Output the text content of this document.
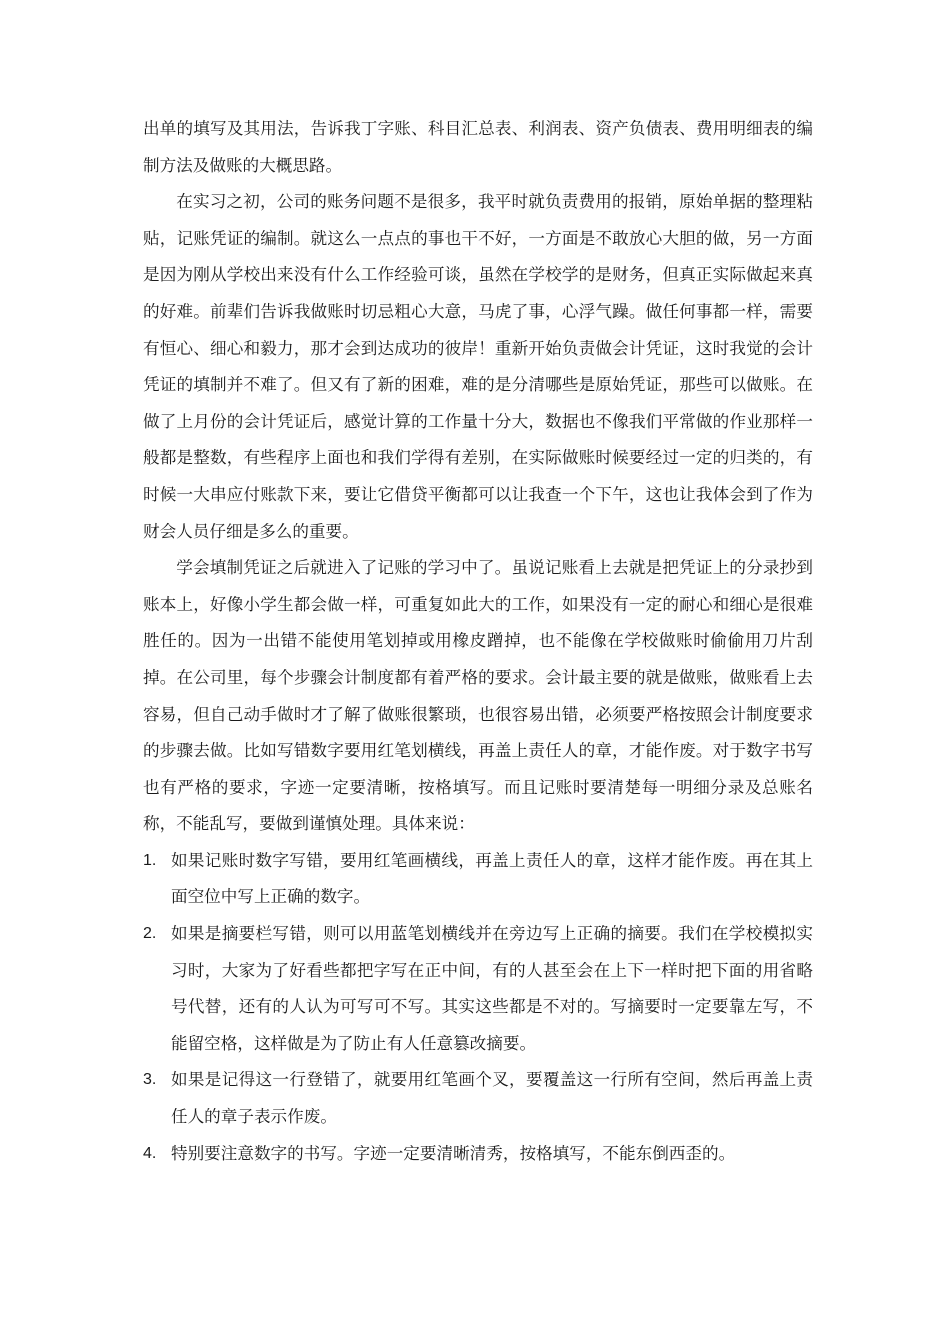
出单的填写及其用法，告诉我丁字账、科目汇总表、利润表、资产负债表、费用明细表的编制方法及做账的大概思路。

在实习之初，公司的账务问题不是很多，我平时就负责费用的报销，原始单据的整理粘贴，记账凭证的编制。就这么一点点的事也干不好，一方面是不敢放心大胆的做，另一方面是因为刚从学校出来没有什么工作经验可谈，虽然在学校学的是财务，但真正实际做起来真的好难。前辈们告诉我做账时切忌粗心大意，马虎了事，心浮气躁。做任何事都一样，需要有恒心、细心和毅力，那才会到达成功的彼岸！重新开始负责做会计凭证，这时我觉的会计凭证的填制并不难了。但又有了新的困难，难的是分清哪些是原始凭证，那些可以做账。在做了上月份的会计凭证后，感觉计算的工作量十分大，数据也不像我们平常做的作业那样一般都是整数，有些程序上面也和我们学得有差别，在实际做账时候要经过一定的归类的，有时候一大串应付账款下来，要让它借贷平衡都可以让我查一个下午，这也让我体会到了作为财会人员仔细是多么的重要。

学会填制凭证之后就进入了记账的学习中了。虽说记账看上去就是把凭证上的分录抄到账本上，好像小学生都会做一样，可重复如此大的工作，如果没有一定的耐心和细心是很难胜任的。因为一出错不能使用笔划掉或用橡皮蹭掉，也不能像在学校做账时偷偷用刀片刮掉。在公司里，每个步骤会计制度都有着严格的要求。会计最主要的就是做账，做账看上去容易，但自己动手做时才了解了做账很繁琐，也很容易出错，必须要严格按照会计制度要求的步骤去做。比如写错数字要用红笔划横线，再盖上责任人的章，才能作废。对于数字书写也有严格的要求，字迹一定要清晰，按格填写。而且记账时要清楚每一明细分录及总账名称，不能乱写，要做到谨慎处理。具体来说：

1. 如果记账时数字写错，要用红笔画横线，再盖上责任人的章，这样才能作废。再在其上面空位中写上正确的数字。
2. 如果是摘要栏写错，则可以用蓝笔划横线并在旁边写上正确的摘要。我们在学校模拟实习时，大家为了好看些都把字写在正中间，有的人甚至会在上下一样时把下面的用省略号代替，还有的人认为可写可不写。其实这些都是不对的。写摘要时一定要靠左写，不能留空格，这样做是为了防止有人任意篡改摘要。
3. 如果是记得这一行登错了，就要用红笔画个叉，要覆盖这一行所有空间，然后再盖上责任人的章子表示作废。
4. 特别要注意数字的书写。字迹一定要清晰清秀，按格填写，不能东倒西歪的。
